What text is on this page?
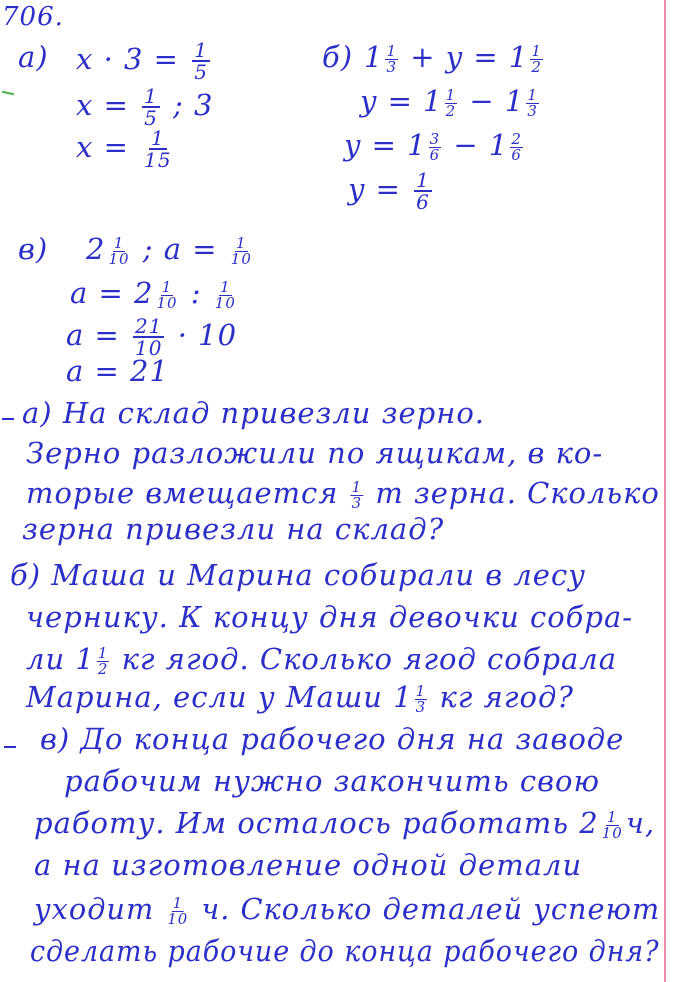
706.
а) $x \cdot 3 = \frac{1}{5}$
$x = \frac{1}{5}$ ; 3
$x = \frac{1}{15}$
б) $1 \frac{1}{3} + y = 1 \frac{1}{2}$
$y = 1 \frac{1}{2} - 1 \frac{1}{3}$
$y = 1 \frac{3}{6} - 1 \frac{2}{6}$
$y = \frac{1}{6}$
в) $2 \frac{1}{10}$ ; $a = \frac{1}{10}$
$a = 2 \frac{1}{10}$ : $\frac{1}{10}$
$a = \frac{21}{10} \cdot 10$
a = 21
а) На склад привезли зерно.
Зерно разложили по ящикам, в ко-
торые вмещается $\frac{1}{3}$ т зерна. Сколько
зерна привезли на склад?
б) Маша и Марина собирали в лесу
чернику. К концу дня девочки собра-
ли $1 \frac{1}{2}$ кг ягод. Сколько ягод собрала
Марина, если у Маши $1 \frac{1}{3}$ кг ягод?
в) До конца рабочего дня на заводе
рабочим нужно закончить свою
работу. Им осталось работать $2 \frac{1}{10} ч$,
а на изготовление одной детали
уходит $\frac{1}{10} ч$. Сколько деталей успеют
сделать рабочие до конца рабочего дня?
